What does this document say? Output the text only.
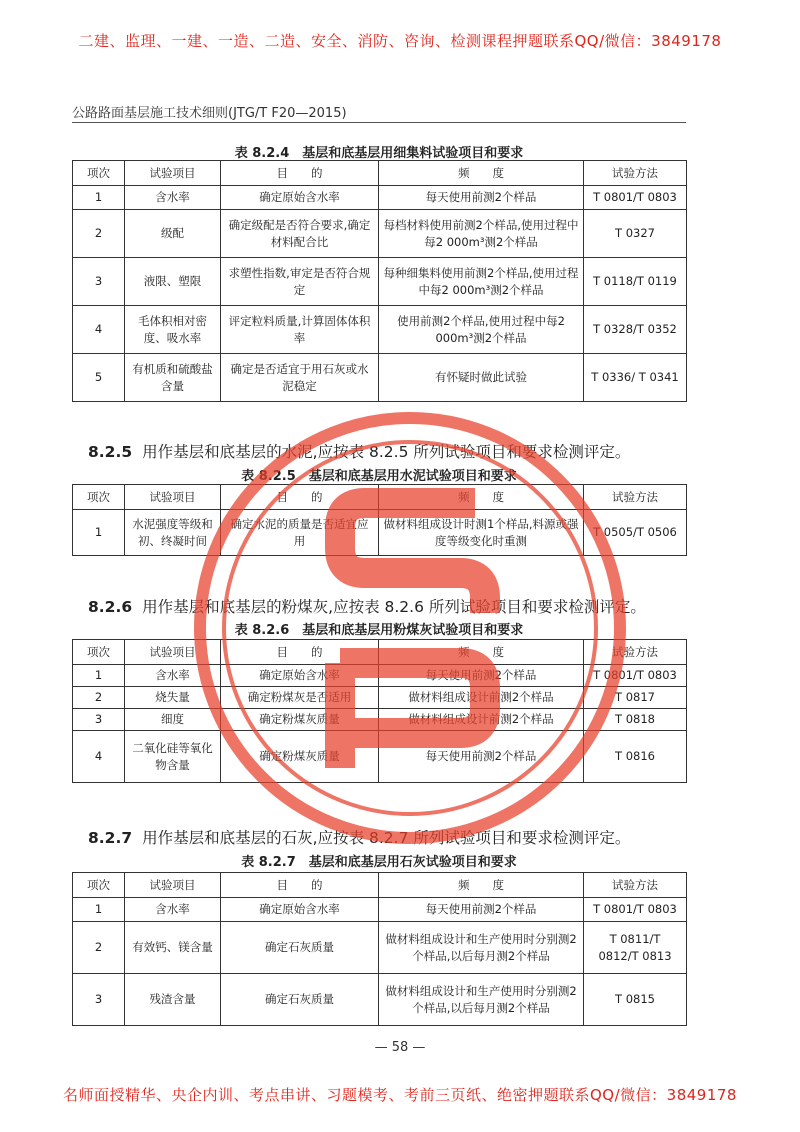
二建、监理、一建、一造、二造、安全、消防、咨询、检测课程押题联系QQ/微信：3849178
公路路面基层施工技术细则(JTG/T F20—2015)
表 8.2.4　基层和底基层用细集料试验项目和要求
项次	试验项目	目　　的	频　　度	试验方法
1	含水率	确定原始含水率	每天使用前测2个样品	T 0801/T 0803
2	级配	确定级配是否符合要求,确定材料配合比	每档材料使用前测2个样品,使用过程中每2 000m³测2个样品	T 0327
3	液限、塑限	求塑性指数,审定是否符合规定	每种细集料使用前测2个样品,使用过程中每2 000m³测2个样品	T 0118/T 0119
4	毛体积相对密度、吸水率	评定粒料质量,计算固体体积率	使用前测2个样品,使用过程中每2 000m³测2个样品	T 0328/T 0352
5	有机质和硫酸盐含量	确定是否适宜于用石灰或水泥稳定	有怀疑时做此试验	T 0336/ T 0341
8.2.5 用作基层和底基层的水泥,应按表 8.2.5 所列试验项目和要求检测评定。
表 8.2.5　基层和底基层用水泥试验项目和要求
项次	试验项目	目　　的	频　　度	试验方法
1	水泥强度等级和初、终凝时间	确定水泥的质量是否适宜应用	做材料组成设计时测1个样品,料源或强度等级变化时重测	T 0505/T 0506
8.2.6 用作基层和底基层的粉煤灰,应按表 8.2.6 所列试验项目和要求检测评定。
表 8.2.6　基层和底基层用粉煤灰试验项目和要求
项次	试验项目	目　　的	频　　度	试验方法
1	含水率	确定原始含水率	每天使用前测2个样品	T 0801/T 0803
2	烧失量	确定粉煤灰是否适用	做材料组成设计前测2个样品	T 0817
3	细度	确定粉煤灰质量	做材料组成设计前测2个样品	T 0818
4	二氧化硅等氧化物含量	确定粉煤灰质量	每天使用前测2个样品	T 0816
8.2.7 用作基层和底基层的石灰,应按表 8.2.7 所列试验项目和要求检测评定。
表 8.2.7　基层和底基层用石灰试验项目和要求
项次	试验项目	目　　的	频　　度	试验方法
1	含水率	确定原始含水率	每天使用前测2个样品	T 0801/T 0803
2	有效钙、镁含量	确定石灰质量	做材料组成设计和生产使用时分别测2个样品,以后每月测2个样品	T 0811/T 0812/T 0813
3	残渣含量	确定石灰质量	做材料组成设计和生产使用时分别测2个样品,以后每月测2个样品	T 0815
— 58 —
名师面授精华、央企内训、考点串讲、习题模考、考前三页纸、绝密押题联系QQ/微信：3849178
